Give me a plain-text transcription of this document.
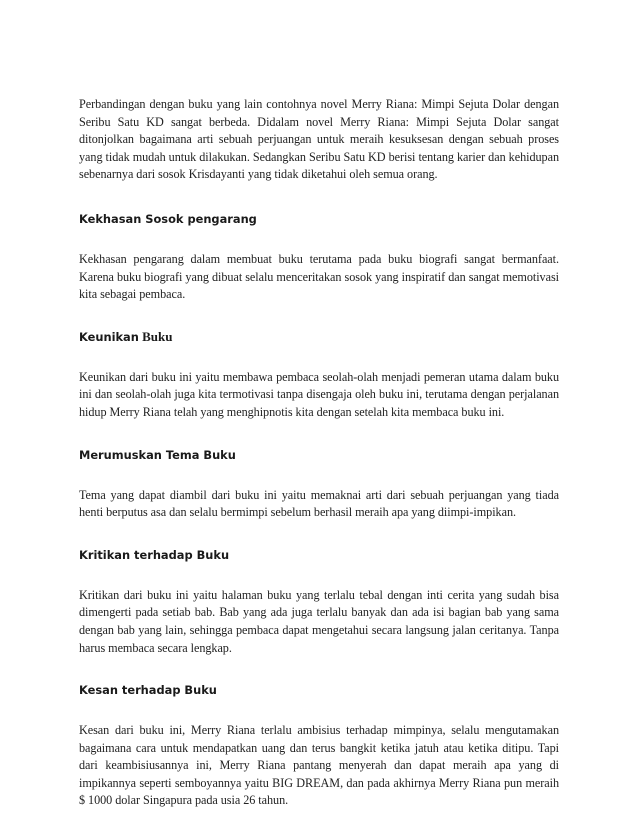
Perbandingan dengan buku yang lain contohnya novel Merry Riana: Mimpi Sejuta Dolar dengan Seribu Satu KD sangat berbeda. Didalam novel Merry Riana: Mimpi Sejuta Dolar sangat ditonjolkan bagaimana arti sebuah perjuangan untuk meraih kesuksesan dengan sebuah proses yang tidak mudah untuk dilakukan. Sedangkan Seribu Satu KD berisi tentang karier dan kehidupan sebenarnya dari sosok Krisdayanti yang tidak diketahui oleh semua orang.

Kekhasan Sosok pengarang

Kekhasan pengarang dalam membuat buku terutama pada buku biografi sangat bermanfaat. Karena buku biografi yang dibuat selalu menceritakan sosok yang inspiratif dan sangat memotivasi kita sebagai pembaca.

Keunikan Buku

Keunikan dari buku ini yaitu membawa pembaca seolah-olah menjadi pemeran utama dalam buku ini dan seolah-olah juga kita termotivasi tanpa disengaja oleh buku ini, terutama dengan perjalanan hidup Merry Riana telah yang menghipnotis kita dengan setelah kita membaca buku ini.

Merumuskan Tema Buku

Tema yang dapat diambil dari buku ini yaitu memaknai arti dari sebuah perjuangan yang tiada henti berputus asa dan selalu bermimpi sebelum berhasil meraih apa yang diimpi-impikan.

Kritikan terhadap Buku

Kritikan dari buku ini yaitu halaman buku yang terlalu tebal dengan inti cerita yang sudah bisa dimengerti pada setiab bab. Bab yang ada juga terlalu banyak dan ada isi bagian bab yang sama dengan bab yang lain, sehingga pembaca dapat mengetahui secara langsung jalan ceritanya. Tanpa harus membaca secara lengkap.

Kesan terhadap Buku

Kesan dari buku ini, Merry Riana terlalu ambisius terhadap mimpinya, selalu mengutamakan bagaimana cara untuk mendapatkan uang dan terus bangkit ketika jatuh atau ketika ditipu. Tapi dari keambisiusannya ini, Merry Riana pantang menyerah dan dapat meraih apa yang di impikannya seperti semboyannya yaitu BIG DREAM, dan pada akhirnya Merry Riana pun meraih $ 1000 dolar Singapura pada usia 26 tahun.
